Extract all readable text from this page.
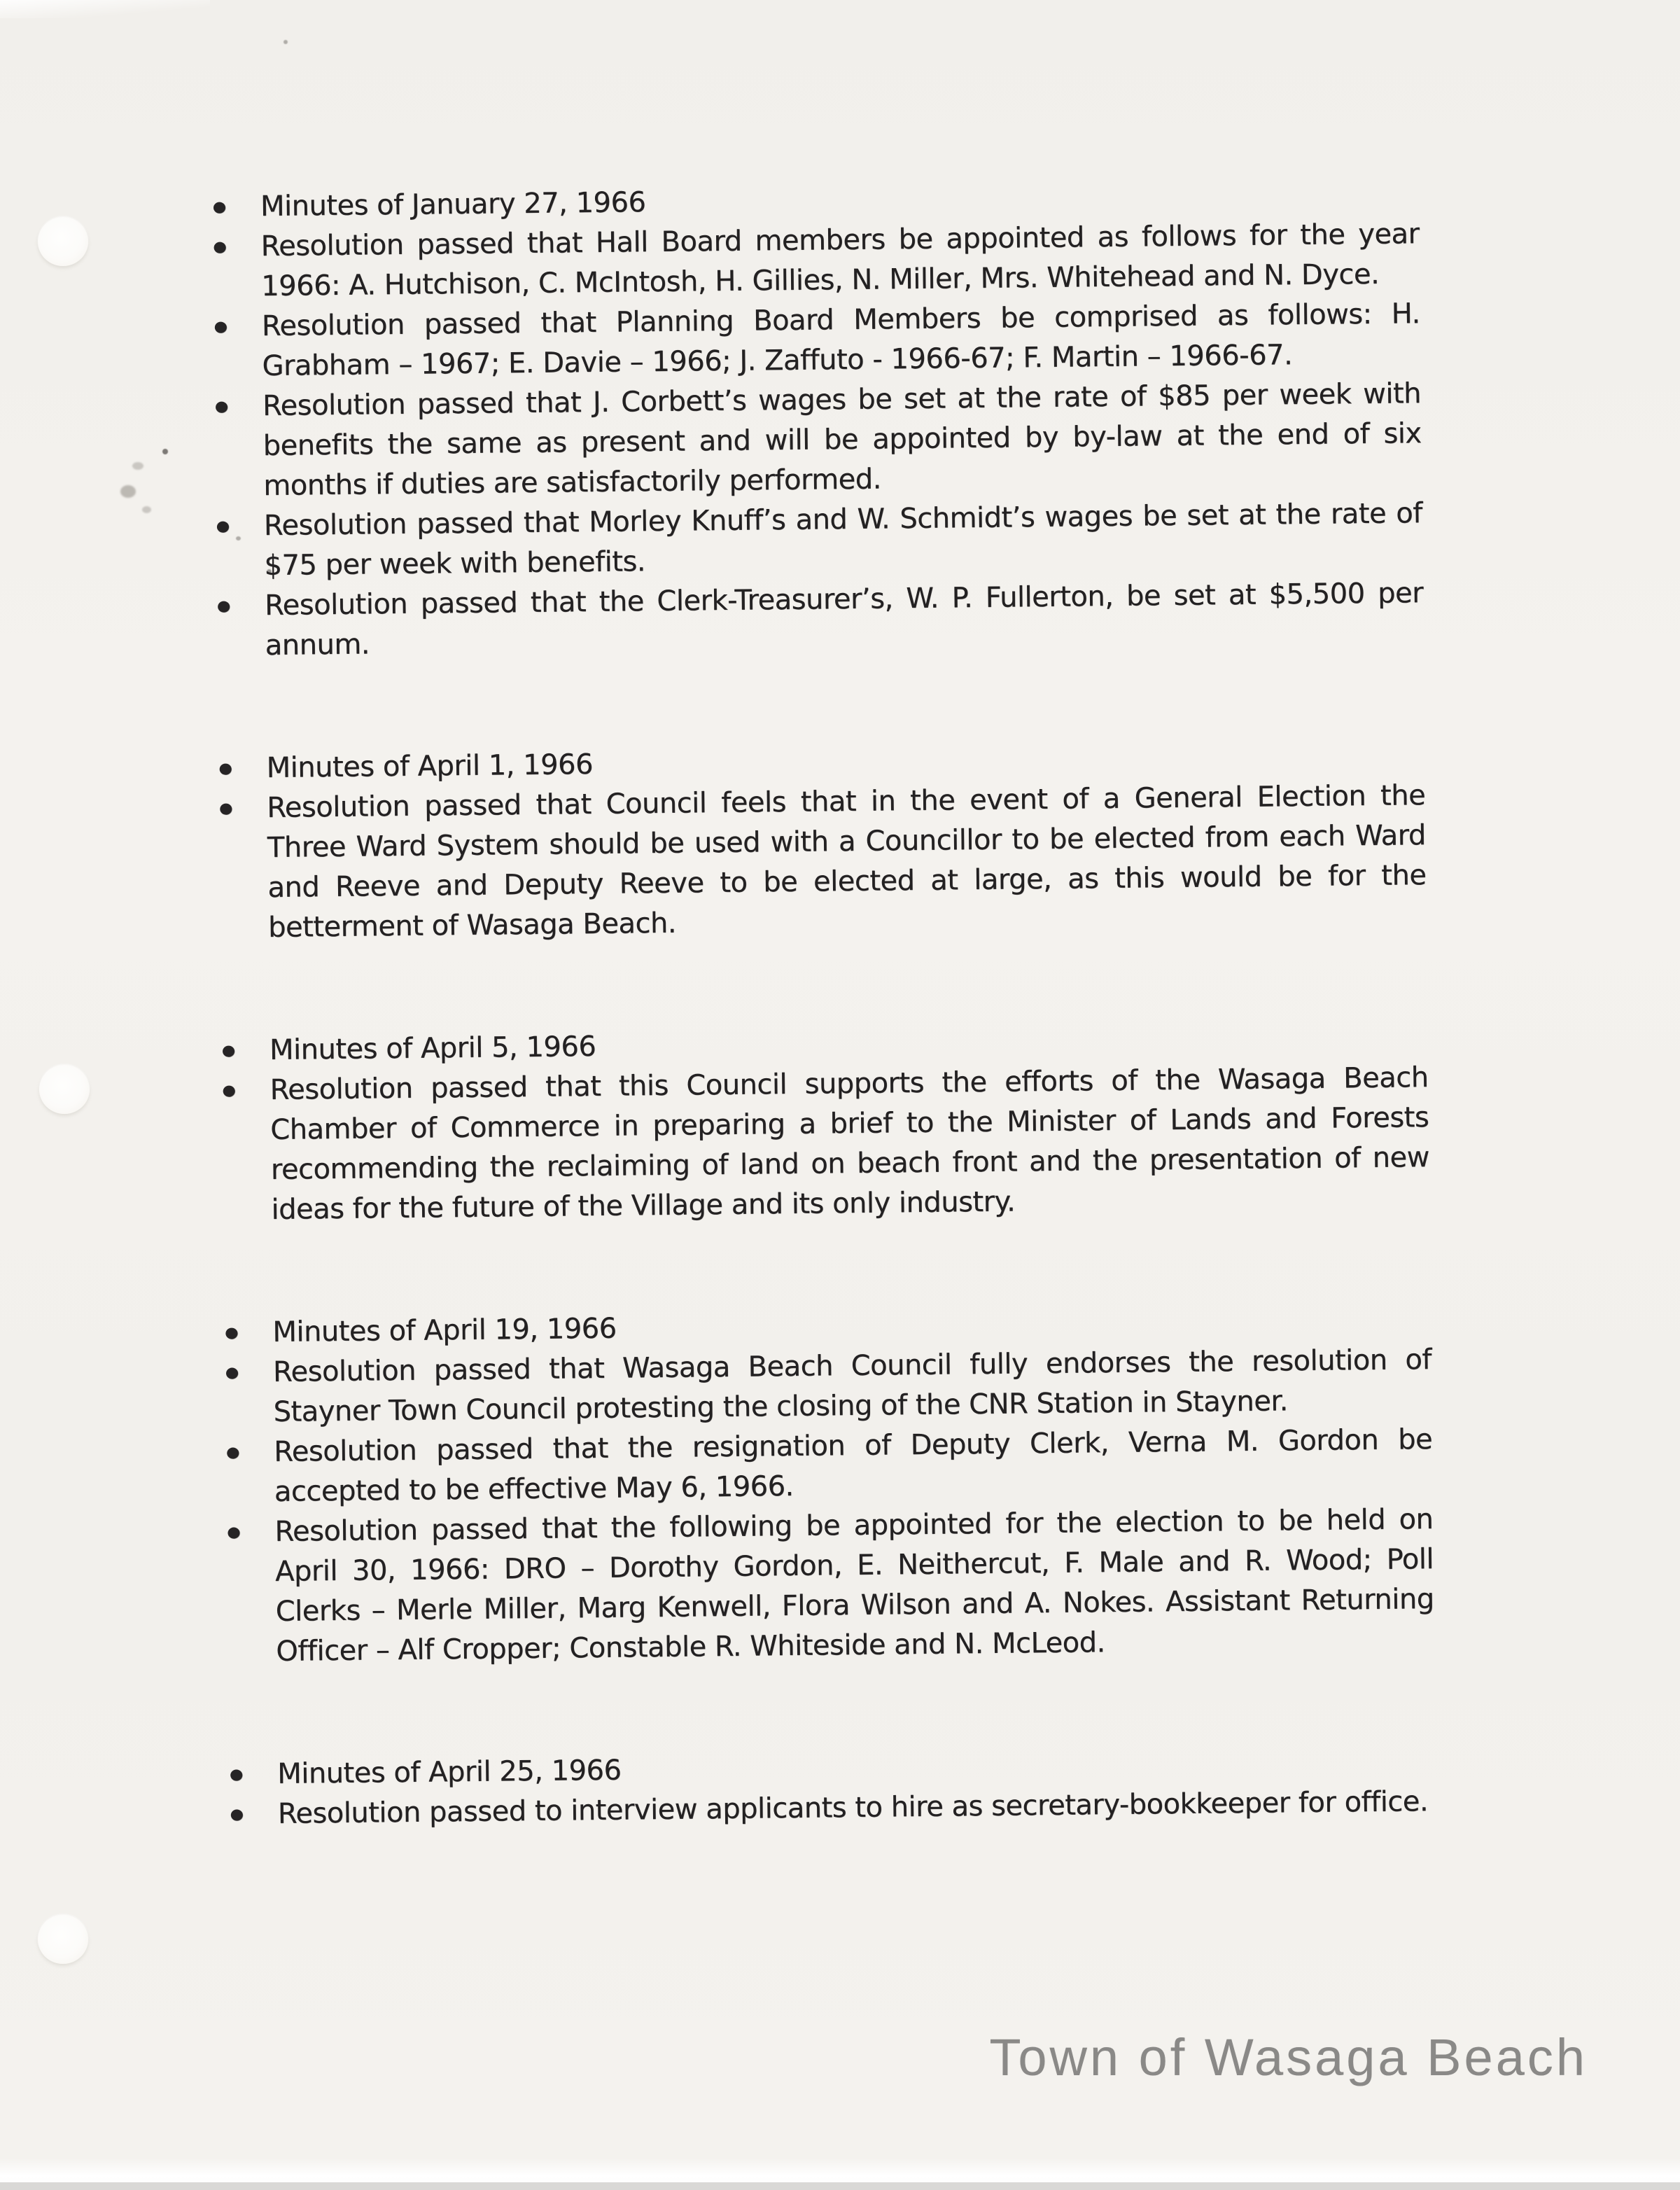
Minutes of January 27, 1966
Resolution passed that Hall Board members be appointed as follows for the year 1966: A. Hutchison, C. McIntosh, H. Gillies, N. Miller, Mrs. Whitehead and N. Dyce.
Resolution passed that Planning Board Members be comprised as follows: H. Grabham – 1967; E. Davie – 1966; J. Zaffuto - 1966-67; F. Martin – 1966-67.
Resolution passed that J. Corbett’s wages be set at the rate of $85 per week with benefits the same as present and will be appointed by by-law at the end of six months if duties are satisfactorily performed.
Resolution passed that Morley Knuff’s and W. Schmidt’s wages be set at the rate of $75 per week with benefits.
Resolution passed that the Clerk-Treasurer’s, W. P. Fullerton, be set at $5,500 per annum.
Minutes of April 1, 1966
Resolution passed that Council feels that in the event of a General Election the Three Ward System should be used with a Councillor to be elected from each Ward and Reeve and Deputy Reeve to be elected at large, as this would be for the betterment of Wasaga Beach.
Minutes of April 5, 1966
Resolution passed that this Council supports the efforts of the Wasaga Beach Chamber of Commerce in preparing a brief to the Minister of Lands and Forests recommending the reclaiming of land on beach front and the presentation of new ideas for the future of the Village and its only industry.
Minutes of April 19, 1966
Resolution passed that Wasaga Beach Council fully endorses the resolution of Stayner Town Council protesting the closing of the CNR Station in Stayner.
Resolution passed that the resignation of Deputy Clerk, Verna M. Gordon be accepted to be effective May 6, 1966.
Resolution passed that the following be appointed for the election to be held on April 30, 1966: DRO – Dorothy Gordon, E. Neithercut, F. Male and R. Wood; Poll Clerks – Merle Miller, Marg Kenwell, Flora Wilson and A. Nokes. Assistant Returning Officer – Alf Cropper; Constable R. Whiteside and N. McLeod.
Minutes of April 25, 1966
Resolution passed to interview applicants to hire as secretary-bookkeeper for office.
Town of Wasaga Beach
